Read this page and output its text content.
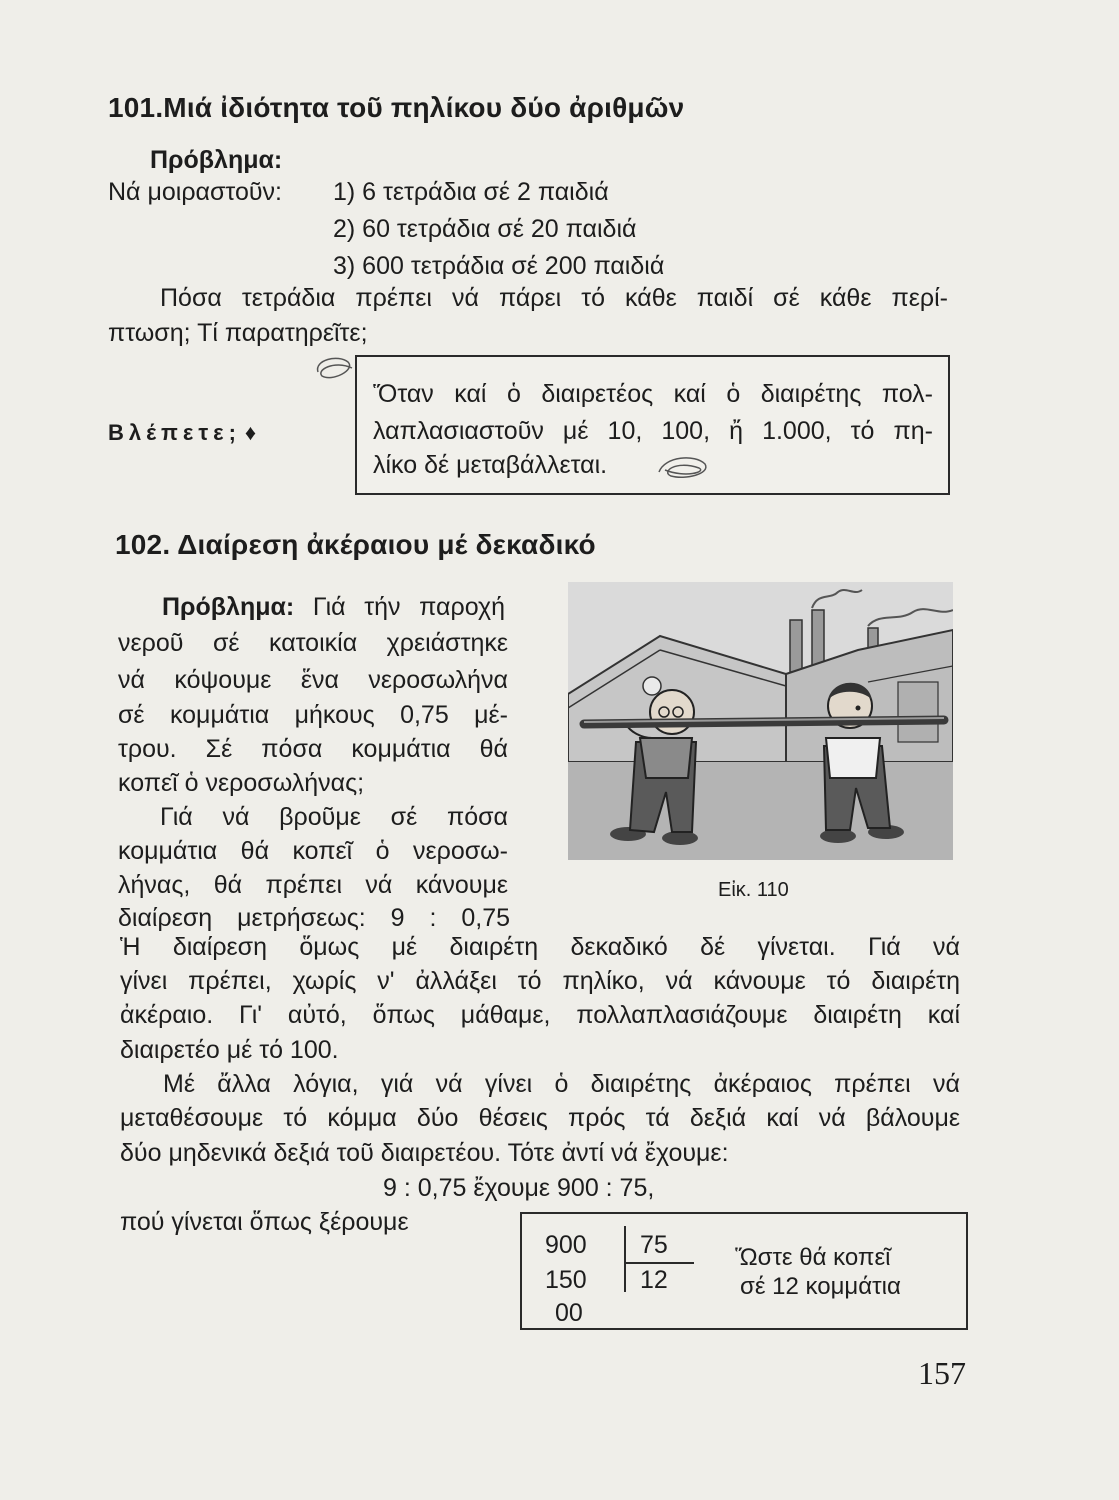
101.Μιά ἰδιότητα τοῦ πηλίκου δύο ἀριθμῶν
Πρόβλημα:
Νά μοιραστοῦν: 1) 6 τετράδια σέ 2 παιδιά
2) 60 τετράδια σέ 20 παιδιά
3) 600 τετράδια σέ 200 παιδιά
Πόσα τετράδια πρέπει νά πάρει τό κάθε παιδί σέ κάθε περί-
πτωση; Τί παρατηρεῖτε;
Βλέπετε; ♦
Ὅταν καί ὁ διαιρετέος καί ὁ διαιρέτης πολ-
λαπλασιαστοῦν μέ 10, 100, ἤ 1.000, τό πη-
λίκο δέ μεταβάλλεται.
102. Διαίρεση ἀκέραιου μέ δεκαδικό
Πρόβλημα: Γιά τήν παροχή
νεροῦ σέ κατοικία χρειάστηκε
νά κόψουμε ἕνα νεροσωλήνα
σέ κομμάτια μήκους 0,75 μέ-
τρου. Σέ πόσα κομμάτια θά
κοπεῖ ὁ νεροσωλήνας;
Γιά νά βροῦμε σέ πόσα
κομμάτια θά κοπεῖ ὁ νεροσω-
λήνας, θά πρέπει νά κάνουμε
διαίρεση μετρήσεως: 9 : 0,75
Εἰκ. 110
Ἡ διαίρεση ὅμως μέ διαιρέτη δεκαδικό δέ γίνεται. Γιά νά
γίνει πρέπει, χωρίς ν' ἀλλάξει τό πηλίκο, νά κάνουμε τό διαιρέτη
ἀκέραιο. Γι' αὐτό, ὅπως μάθαμε, πολλαπλασιάζουμε διαιρέτη καί
διαιρετέο μέ τό 100.
Μέ ἄλλα λόγια, γιά νά γίνει ὁ διαιρέτης ἀκέραιος πρέπει νά
μεταθέσουμε τό κόμμα δύο θέσεις πρός τά δεξιά καί νά βάλουμε
δύο μηδενικά δεξιά τοῦ διαιρετέου. Τότε ἀντί νά ἔχουμε:
9 : 0,75 ἔχουμε 900 : 75,
πού γίνεται ὅπως ξέρουμε
900 75
150 12
00
Ὥστε θά κοπεῖ
σέ 12 κομμάτια
157
